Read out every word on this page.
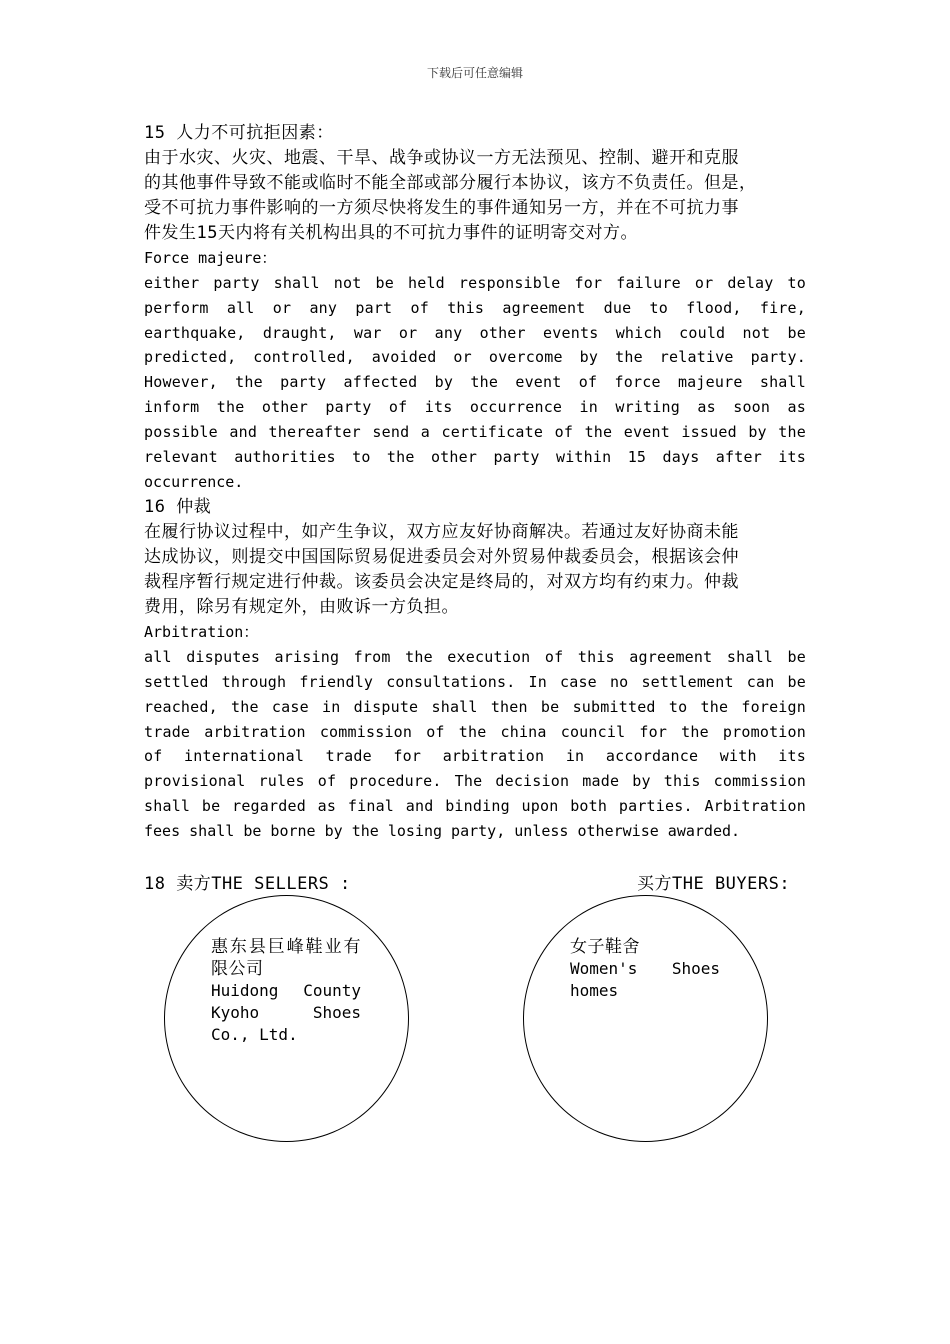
下载后可任意编辑
15 人力不可抗拒因素：
由于水灾、火灾、地震、干旱、战争或协议一方无法预见、控制、避开和克服
的其他事件导致不能或临时不能全部或部分履行本协议，该方不负责任。但是，
受不可抗力事件影响的一方须尽快将发生的事件通知另一方，并在不可抗力事
件发生15天内将有关机构出具的不可抗力事件的证明寄交对方。
Force majeure：
either party shall not be held responsible for failure or delay to
perform all or any part of this agreement due to flood, fire,
earthquake, draught, war or any other events which could not be
predicted, controlled, avoided or overcome by the relative party.
However, the party affected by the event of force majeure shall
inform the other party of its occurrence in writing as soon as
possible and thereafter send a certificate of the event issued by the
relevant authorities to the other party within 15 days after its
occurrence.
16 仲裁
在履行协议过程中，如产生争议，双方应友好协商解决。若通过友好协商未能
达成协议，则提交中国国际贸易促进委员会对外贸易仲裁委员会，根据该会仲
裁程序暂行规定进行仲裁。该委员会决定是终局的，对双方均有约束力。仲裁
费用，除另有规定外，由败诉一方负担。
Arbitration：
all disputes arising from the execution of this agreement shall be
settled through friendly consultations. In case no settlement can be
reached, the case in dispute shall then be submitted to the foreign
trade arbitration commission of the china council for the promotion
of international trade for arbitration in accordance with its
provisional rules of procedure. The decision made by this commission
shall be regarded as final and binding upon both parties. Arbitration
fees shall be borne by the losing party, unless otherwise awarded.
18 卖方THE SELLERS :	买方THE BUYERS:
惠东县巨峰鞋业有
限公司
Huidong County
Kyoho Shoes
Co., Ltd.
女子鞋舍
Women's Shoes
homes
